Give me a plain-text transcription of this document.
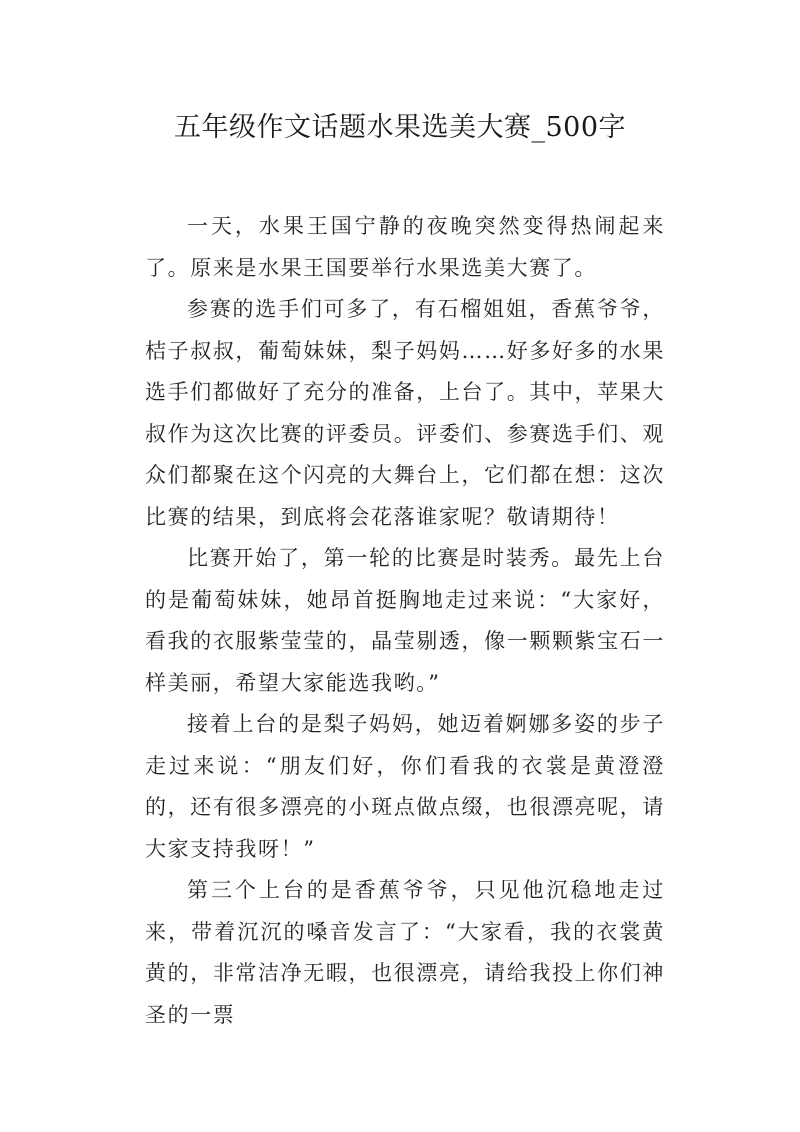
五年级作文话题水果选美大赛_500字

一天，水果王国宁静的夜晚突然变得热闹起来了。原来是水果王国要举行水果选美大赛了。

参赛的选手们可多了，有石榴姐姐，香蕉爷爷，桔子叔叔，葡萄妹妹，梨子妈妈……好多好多的水果选手们都做好了充分的准备，上台了。其中，苹果大叔作为这次比赛的评委员。评委们、参赛选手们、观众们都聚在这个闪亮的大舞台上，它们都在想：这次比赛的结果，到底将会花落谁家呢？敬请期待！

比赛开始了，第一轮的比赛是时装秀。最先上台的是葡萄妹妹，她昂首挺胸地走过来说：“大家好，看我的衣服紫莹莹的，晶莹剔透，像一颗颗紫宝石一样美丽，希望大家能选我哟。”

接着上台的是梨子妈妈，她迈着婀娜多姿的步子走过来说：“朋友们好，你们看我的衣裳是黄澄澄的，还有很多漂亮的小斑点做点缀，也很漂亮呢，请大家支持我呀！”

第三个上台的是香蕉爷爷，只见他沉稳地走过来，带着沉沉的嗓音发言了：“大家看，我的衣裳黄黄的，非常洁净无暇，也很漂亮，请给我投上你们神圣的一票
